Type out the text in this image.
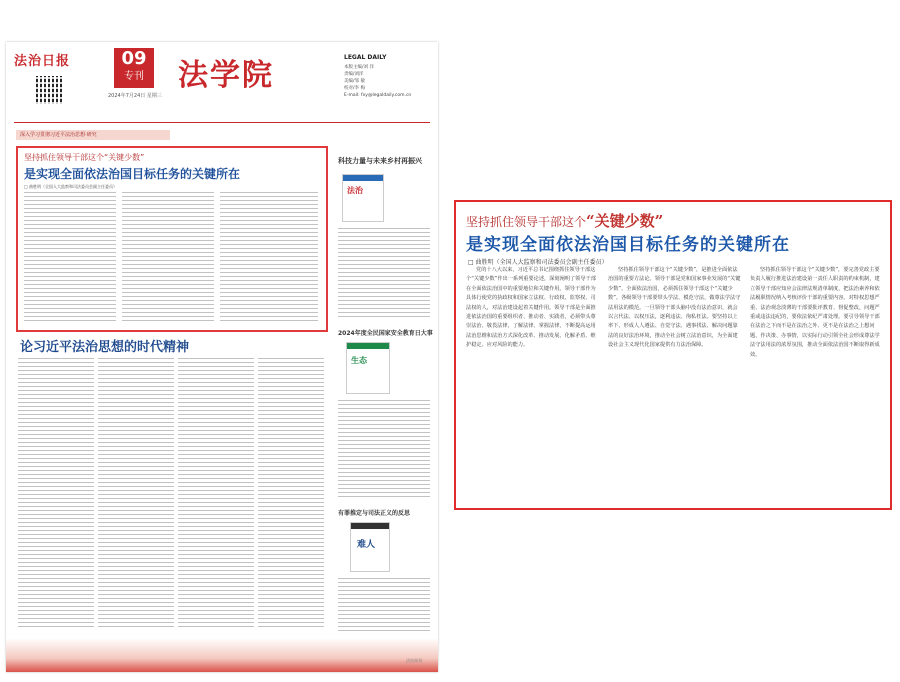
法治日报	09
专刊
2024年7月24日 星期三
法学院
LEGAL DAILY
本版主编/刘 洋
责编/刘洋
美编/邹 敏
校对/李 梅
E-mail: fxy@legaldaily.com.cn
深入学习贯彻习近平法治思想·研究
坚持抓住领导干部这个“关键少数”
是实现全面依法治国目标任务的关键所在
□ 曲胜明（全国人大监察和司法委员会副主任委员）
论习近平法治思想的时代精神
科技力量与未来乡村再振兴
法治
2024年度全民国家安全教育日大事
生态
有罪推定与司法正义的反思
难人
法治周刊
坚持抓住领导干部这个“关键少数”
是实现全面依法治国目标任务的关键所在
□ 曲胜明（全国人大监察和司法委员会副主任委员）
党的十八大以来，习近平总书记围绕抓住领导干部这个“关键少数”作出一系列重要论述，深刻阐明了领导干部在全面依法治国中的重要地位和关键作用。领导干部作为具体行使党的执政权和国家立法权、行政权、监察权、司法权的人，对法治建设起着关键作用。领导干部是全面推进依法治国的重要组织者、推动者、实践者，必须带头尊崇法治、敬畏法律，了解法律、掌握法律，不断提高运用法治思维和法治方式深化改革、推动发展、化解矛盾、维护稳定、应对风险的能力。
坚持抓住领导干部这个“关键少数”，是推进全面依法治国的重要方法论。领导干部是党和国家事业发展的“关键少数”，全面依法治国，必须抓住领导干部这个“关键少数”。各级领导干部要带头学法、模范守法，做尊法学法守法用法的模范。一旦领导干部头脑中没有法治意识，就会以言代法、以权压法，逐利违法、徇私枉法。要坚持以上率下，形成人人遵法、自觉守法、遇事找法、解决问题靠法的良好法治环境，推动全社会树立法治意识，为全面建设社会主义现代化国家提供有力法治保障。
坚持抓住领导干部这个“关键少数”，要完善党政主要负责人履行推进法治建设第一责任人职责的约束机制，建立领导干部应知应会法律法规清单制度，把法治素养和依法履职情况纳入考核评价干部的重要内容。对特权思想严重、法治观念淡薄的干部要批评教育、督促整改，问题严重或违法违纪的，要依法依纪严肃处理。要引导领导干部在法治之下而不是在法治之外、更不是在法治之上想问题、作决策、办事情，以实际行动引领全社会形成尊法学法守法用法的浓厚氛围，推动全面依法治国不断取得新成效。
